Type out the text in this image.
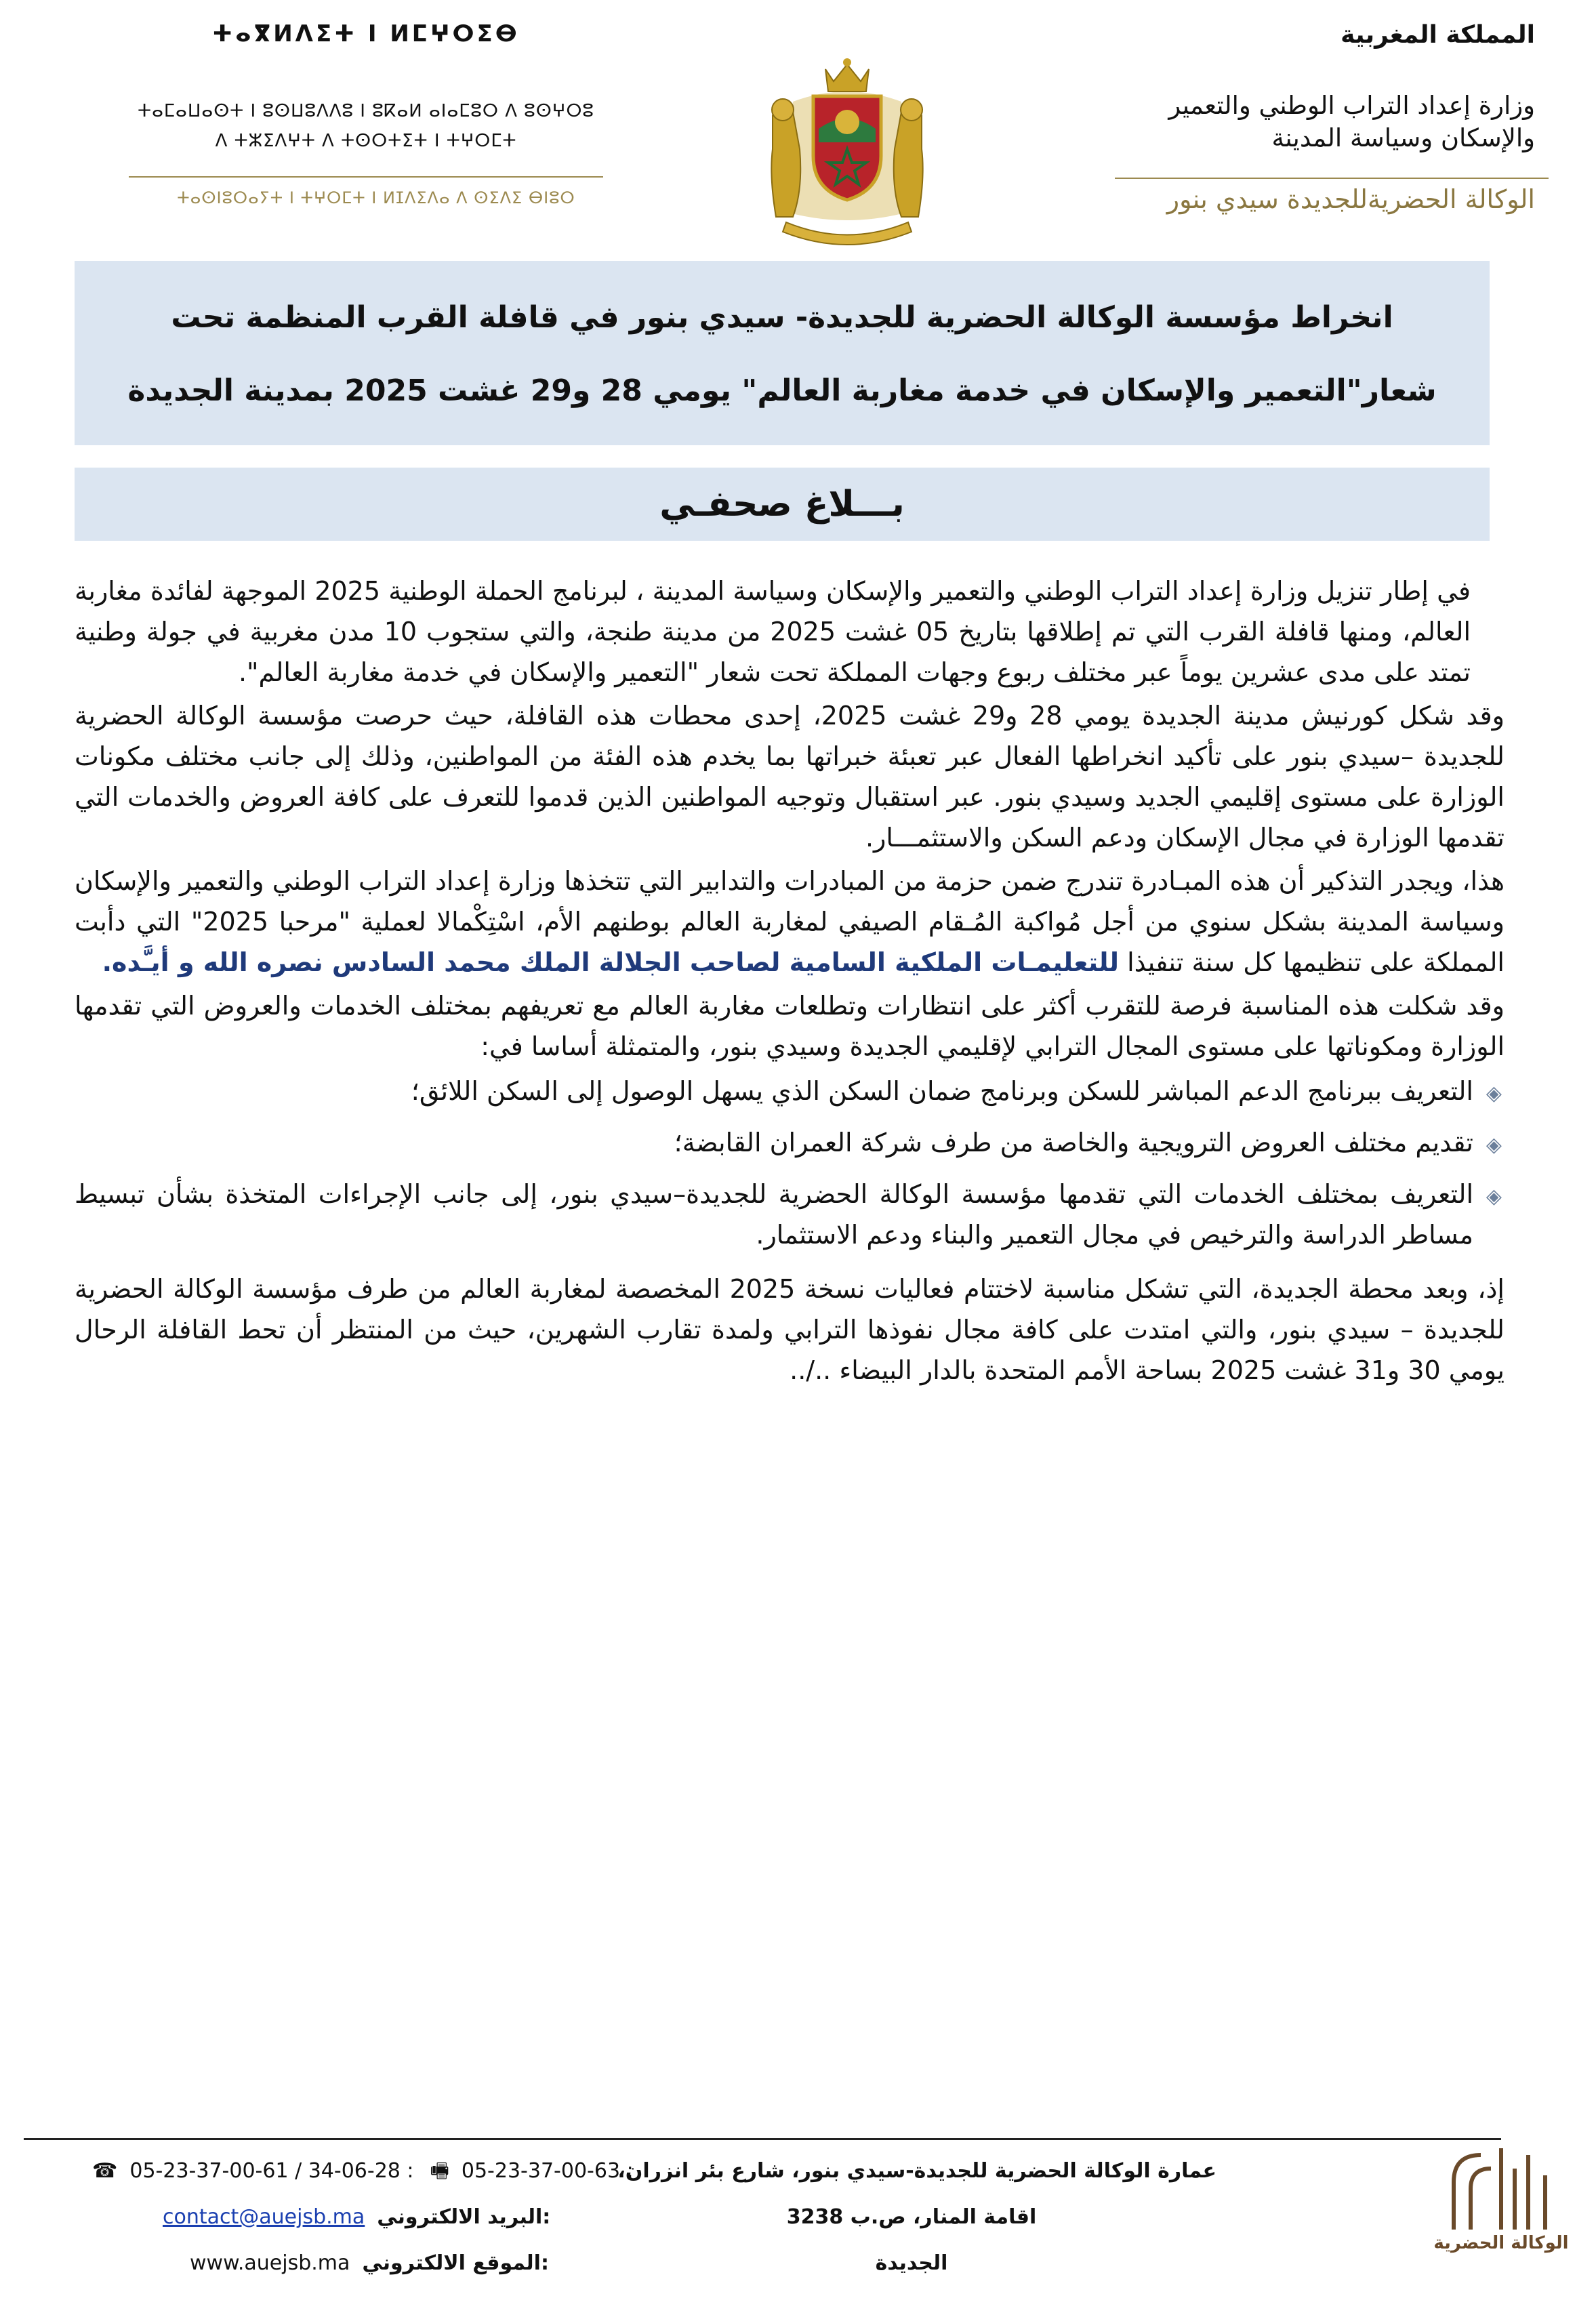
المملكة المغربية
وزارة إعداد التراب الوطني والتعمير
والإسكان وسياسة المدينة
الوكالة الحضريةللجديدة سيدي بنور
ⵜⴰⴳⵍⴷⵉⵜ ⵏ ⵍⵎⵖⵔⵉⴱ
ⵜⴰⵎⴰⵡⴰⵙⵜ ⵏ ⵓⵙⵡⵓⴷⴷⵓ ⵏ ⵓⴽⴰⵍ ⴰⵏⴰⵎⵓⵔ ⴷ ⵓⵙⵖⵔⵓ
ⴷ ⵜⵣⵉⴷⵖⵜ ⴷ ⵜⵙⵔⵜⵉⵜ ⵏ ⵜⵖⵔⵎⵜ
ⵜⴰⵙⵏⵓⵔⴰⵢⵜ ⵏ ⵜⵖⵔⵎⵜ ⵏ ⵍⵊⴷⵉⴷⴰ ⴷ ⵙⵉⴷⵉ ⴱⵏⵓⵔ
انخراط مؤسسة الوكالة الحضرية للجديدة- سيدي بنور في قافلة القرب المنظمة تحت شعار"التعمير والإسكان في خدمة مغاربة العالم" يومي 28 و29 غشت 2025 بمدينة الجديدة
بـــلاغ صحفـي

في إطار تنزيل وزارة إعداد التراب الوطني والتعمير والإسكان وسياسة المدينة ، لبرنامج الحملة الوطنية 2025 الموجهة لفائدة مغاربة العالم، ومنها قافلة القرب التي تم إطلاقها بتاريخ 05 غشت 2025 من مدينة طنجة، والتي ستجوب 10 مدن مغربية في جولة وطنية تمتد على مدى عشرين يوماً عبر مختلف ربوع وجهات المملكة تحت شعار "التعمير والإسكان في خدمة مغاربة العالم".

وقد شكل كورنيش مدينة الجديدة يومي 28 و29 غشت 2025، إحدى محطات هذه القافلة، حيث حرصت مؤسسة الوكالة الحضرية للجديدة –سيدي بنور على تأكيد انخراطها الفعال عبر تعبئة خبراتها بما يخدم هذه الفئة من المواطنين، وذلك إلى جانب مختلف مكونات الوزارة على مستوى إقليمي الجديد وسيدي بنور. عبر استقبال وتوجيه المواطنين الذين قدموا للتعرف على كافة العروض والخدمات التي تقدمها الوزارة في مجال الإسكان ودعم السكن والاستثمـــار.

هذا، ويجدر التذكير أن هذه المبـادرة تندرج ضمن حزمة من المبادرات والتدابير التي تتخذها وزارة إعداد التراب الوطني والتعمير والإسكان وسياسة المدينة بشكل سنوي من أجل مُواكبة المُـقام الصيفي لمغاربة العالم بوطنهم الأم، اسْتِكْمالا لعملية "مرحبا 2025" التي دأبت المملكة على تنظيمها كل سنة تنفيذا للتعليمـات الملكية السامية لصاحب الجلالة الملك محمد السادس نصره الله و أيـَّده.

وقد شكلت هذه المناسبة فرصة للتقرب أكثر على انتظارات وتطلعات مغاربة العالم مع تعريفهم بمختلف الخدمات والعروض التي تقدمها الوزارة ومكوناتها على مستوى المجال الترابي لإقليمي الجديدة وسيدي بنور، والمتمثلة أساسا في:

◈
التعريف ببرنامج الدعم المباشر للسكن وبرنامج ضمان السكن الذي يسهل الوصول إلى السكن اللائق؛
◈
تقديم مختلف العروض الترويجية والخاصة من طرف شركة العمران القابضة؛
◈
التعريف بمختلف الخدمات التي تقدمها مؤسسة الوكالة الحضرية للجديدة–سيدي بنور، إلى جانب الإجراءات المتخذة بشأن تبسيط مساطر الدراسة والترخيص في مجال التعمير والبناء ودعم الاستثمار.

إذ، وبعد محطة الجديدة، التي تشكل مناسبة لاختتام فعاليات نسخة 2025 المخصصة لمغاربة العالم من طرف مؤسسة الوكالة الحضرية للجديدة – سيدي بنور، والتي امتدت على كافة مجال نفوذها الترابي ولمدة تقارب الشهرين، حيث من المنتظر أن تحط القافلة الرحال يومي 30 و31 غشت 2025 بساحة الأمم المتحدة بالدار البيضاء ../..

عمارة الوكالة الحضرية للجديدة-سيدي بنور، شارع بئر انزران،
اقامة المنار، ص.ب 3238
الجديدة
☎ 05-23-37-00-61 / 34-06-28 : 🖷 05-23-37-00-63 :
contact@auejsb.ma البريد الالكتروني:
www.auejsb.ma الموقع الالكتروني:
الوكالة الحضرية
